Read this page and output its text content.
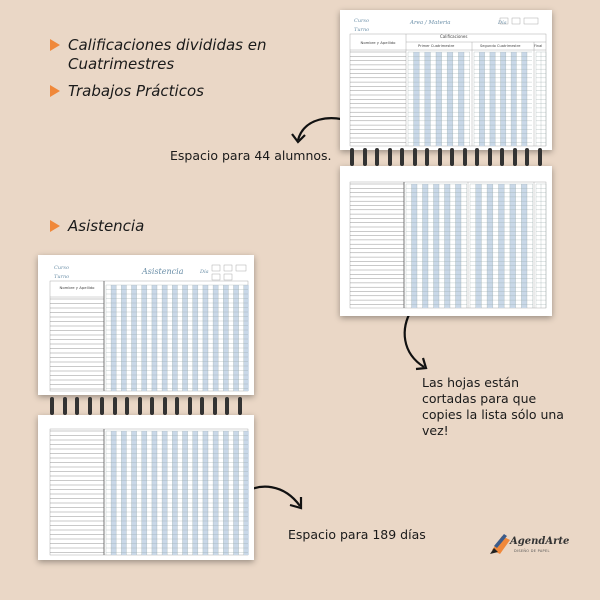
Calificaciones divididas en Cuatrimestres
Trabajos Prácticos
Asistencia
Espacio para 44 alumnos.
Las hojas están cortadas para que copies la lista sólo una vez!
Espacio para 189 días
Curso
Turno
Area / Materia	Día
Nombre y Apellido
Calificaciones
Primer Cuatrimestre	Segundo Cuatrimestre	Final
Curso
Turno
Asistencia	Día
Nombre y Apellido
AgendArte
DISEÑO DE PAPEL
